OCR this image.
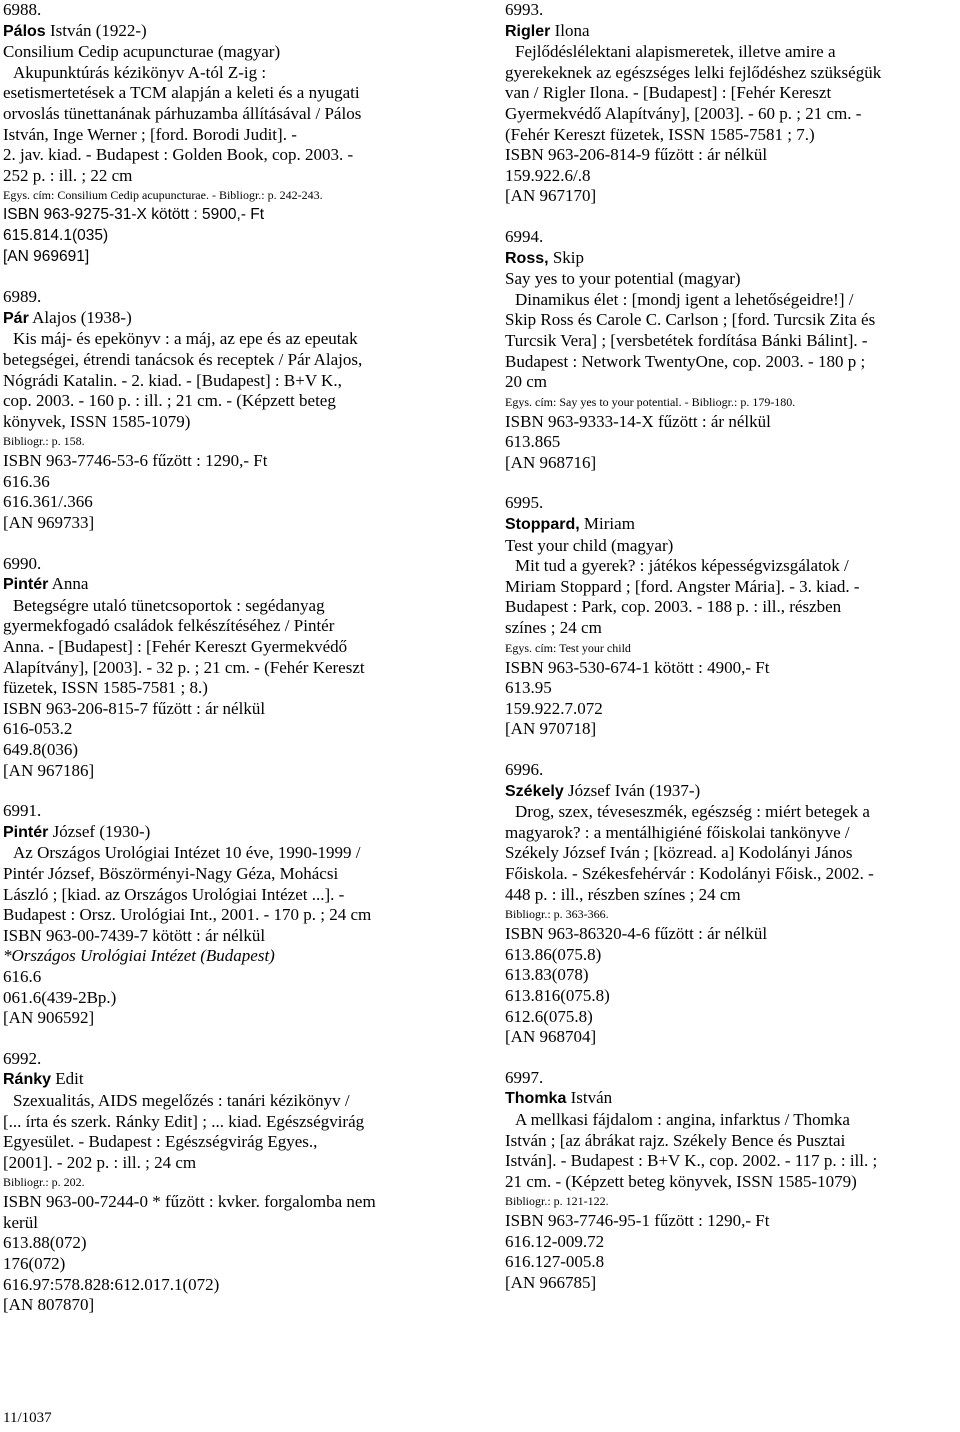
6988.
Pálos István (1922-)
Consilium Cedip acupuncturae (magyar)
Akupunktúrás kézikönyv A-tól Z-ig :
esetismertetések a TCM alapján a keleti és a nyugati
orvoslás tünettanának párhuzamba állításával / Pálos
István, Inge Werner ; [ford. Borodi Judit]. -
2. jav. kiad. - Budapest : Golden Book, cop. 2003. -
252 p. : ill. ; 22 cm
Egys. cím: Consilium Cedip acupuncturae. - Bibliogr.: p. 242-243.
ISBN 963-9275-31-X kötött : 5900,- Ft
615.814.1(035)
[AN 969691]
6989.
Pár Alajos (1938-)
Kis máj- és epekönyv : a máj, az epe és az epeutak
betegségei, étrendi tanácsok és receptek / Pár Alajos,
Nógrádi Katalin. - 2. kiad. - [Budapest] : B+V K.,
cop. 2003. - 160 p. : ill. ; 21 cm. - (Képzett beteg
könyvek, ISSN 1585-1079)
Bibliogr.: p. 158.
ISBN 963-7746-53-6 fűzött : 1290,- Ft
616.36
616.361/.366
[AN 969733]
6990.
Pintér Anna
Betegségre utaló tünetcsoportok : segédanyag
gyermekfogadó családok felkészítéséhez / Pintér
Anna. - [Budapest] : [Fehér Kereszt Gyermekvédő
Alapítvány], [2003]. - 32 p. ; 21 cm. - (Fehér Kereszt
füzetek, ISSN 1585-7581 ; 8.)
ISBN 963-206-815-7 fűzött : ár nélkül
616-053.2
649.8(036)
[AN 967186]
6991.
Pintér József (1930-)
Az Országos Urológiai Intézet 10 éve, 1990-1999 /
Pintér József, Böszörményi-Nagy Géza, Mohácsi
László ; [kiad. az Országos Urológiai Intézet ...]. -
Budapest : Orsz. Urológiai Int., 2001. - 170 p. ; 24 cm
ISBN 963-00-7439-7 kötött : ár nélkül
*Országos Urológiai Intézet (Budapest)
616.6
061.6(439-2Bp.)
[AN 906592]
6992.
Ránky Edit
Szexualitás, AIDS megelőzés : tanári kézikönyv /
[... írta és szerk. Ránky Edit] ; ... kiad. Egészségvirág
Egyesület. - Budapest : Egészségvirág Egyes.,
[2001]. - 202 p. : ill. ; 24 cm
Bibliogr.: p. 202.
ISBN 963-00-7244-0 * fűzött : kvker. forgalomba nem
kerül
613.88(072)
176(072)
616.97:578.828:612.017.1(072)
[AN 807870]
6993.
Rigler Ilona
Fejlődéslélektani alapismeretek, illetve amire a
gyerekeknek az egészséges lelki fejlődéshez szükségük
van / Rigler Ilona. - [Budapest] : [Fehér Kereszt
Gyermekvédő Alapítvány], [2003]. - 60 p. ; 21 cm. -
(Fehér Kereszt füzetek, ISSN 1585-7581 ; 7.)
ISBN 963-206-814-9 fűzött : ár nélkül
159.922.6/.8
[AN 967170]
6994.
Ross, Skip
Say yes to your potential (magyar)
Dinamikus élet : [mondj igent a lehetőségeidre!] /
Skip Ross és Carole C. Carlson ; [ford. Turcsik Zita és
Turcsik Vera] ; [versbetétek fordítása Bánki Bálint]. -
Budapest : Network TwentyOne, cop. 2003. - 180 p ;
20 cm
Egys. cím: Say yes to your potential. - Bibliogr.: p. 179-180.
ISBN 963-9333-14-X fűzött : ár nélkül
613.865
[AN 968716]
6995.
Stoppard, Miriam
Test your child (magyar)
Mit tud a gyerek? : játékos képességvizsgálatok /
Miriam Stoppard ; [ford. Angster Mária]. - 3. kiad. -
Budapest : Park, cop. 2003. - 188 p. : ill., részben
színes ; 24 cm
Egys. cím: Test your child
ISBN 963-530-674-1 kötött : 4900,- Ft
613.95
159.922.7.072
[AN 970718]
6996.
Székely József Iván (1937-)
Drog, szex, téveseszmék, egészség : miért betegek a
magyarok? : a mentálhigiéné főiskolai tankönyve /
Székely József Iván ; [közread. a] Kodolányi János
Főiskola. - Székesfehérvár : Kodolányi Főisk., 2002. -
448 p. : ill., részben színes ; 24 cm
Bibliogr.: p. 363-366.
ISBN 963-86320-4-6 fűzött : ár nélkül
613.86(075.8)
613.83(078)
613.816(075.8)
612.6(075.8)
[AN 968704]
6997.
Thomka István
A mellkasi fájdalom : angina, infarktus / Thomka
István ; [az ábrákat rajz. Székely Bence és Pusztai
István]. - Budapest : B+V K., cop. 2002. - 117 p. : ill. ;
21 cm. - (Képzett beteg könyvek, ISSN 1585-1079)
Bibliogr.: p. 121-122.
ISBN 963-7746-95-1 fűzött : 1290,- Ft
616.12-009.72
616.127-005.8
[AN 966785]
11/1037
